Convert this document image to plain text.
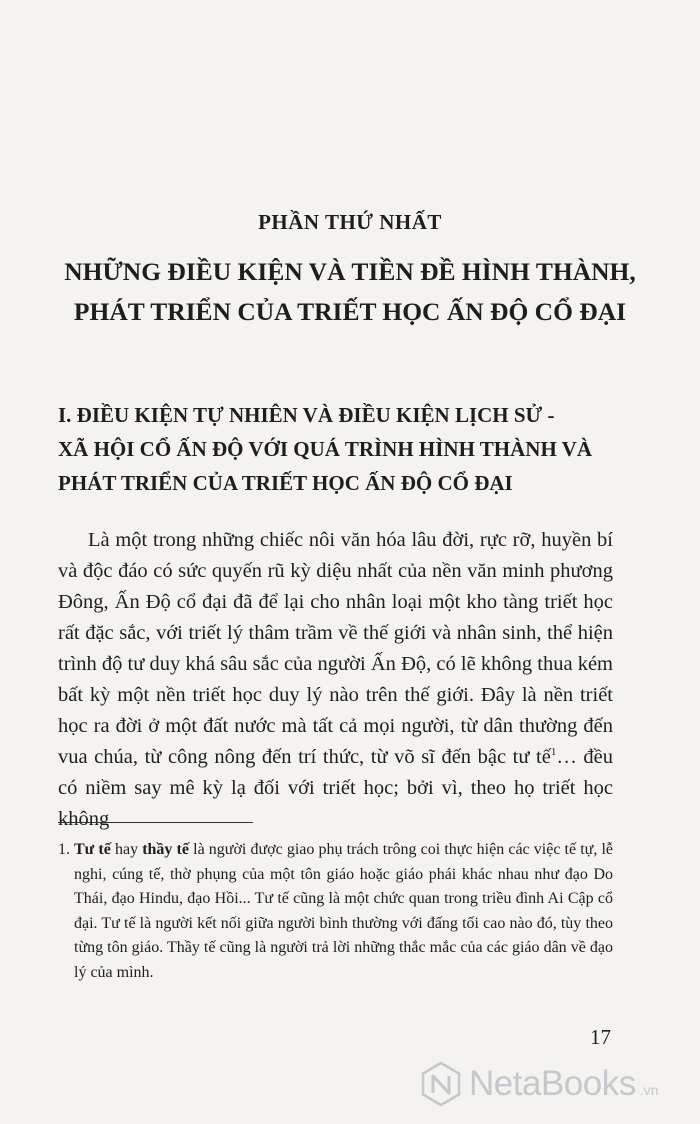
PHẦN THỨ NHẤT
NHỮNG ĐIỀU KIỆN VÀ TIỀN ĐỀ HÌNH THÀNH,
PHÁT TRIỂN CỦA TRIẾT HỌC ẤN ĐỘ CỔ ĐẠI
I. ĐIỀU KIỆN TỰ NHIÊN VÀ ĐIỀU KIỆN LỊCH SỬ -
XÃ HỘI CỔ ẤN ĐỘ VỚI QUÁ TRÌNH HÌNH THÀNH VÀ
PHÁT TRIỂN CỦA TRIẾT HỌC ẤN ĐỘ CỔ ĐẠI

Là một trong những chiếc nôi văn hóa lâu đời, rực rỡ, huyền bí và độc đáo có sức quyến rũ kỳ diệu nhất của nền văn minh phương Đông, Ấn Độ cổ đại đã để lại cho nhân loại một kho tàng triết học rất đặc sắc, với triết lý thâm trầm về thế giới và nhân sinh, thể hiện trình độ tư duy khá sâu sắc của người Ấn Độ, có lẽ không thua kém bất kỳ một nền triết học duy lý nào trên thế giới. Đây là nền triết học ra đời ở một đất nước mà tất cả mọi người, từ dân thường đến vua chúa, từ công nông đến trí thức, từ võ sĩ đến bậc tư tế$^1$… đều có niềm say mê kỳ lạ đối với triết học; bởi vì, theo họ triết học không

1. Tư tế hay thầy tế là người được giao phụ trách trông coi thực hiện các việc tế tự, lễ nghi, cúng tế, thờ phụng của một tôn giáo hoặc giáo phái khác nhau như đạo Do Thái, đạo Hindu, đạo Hồi... Tư tế cũng là một chức quan trong triều đình Ai Cập cổ đại. Tư tế là người kết nối giữa người bình thường với đấng tối cao nào đó, tùy theo từng tôn giáo. Thầy tế cũng là người trả lời những thắc mắc của các giáo dân về đạo lý của mình.
17
NetaBooks .vn
